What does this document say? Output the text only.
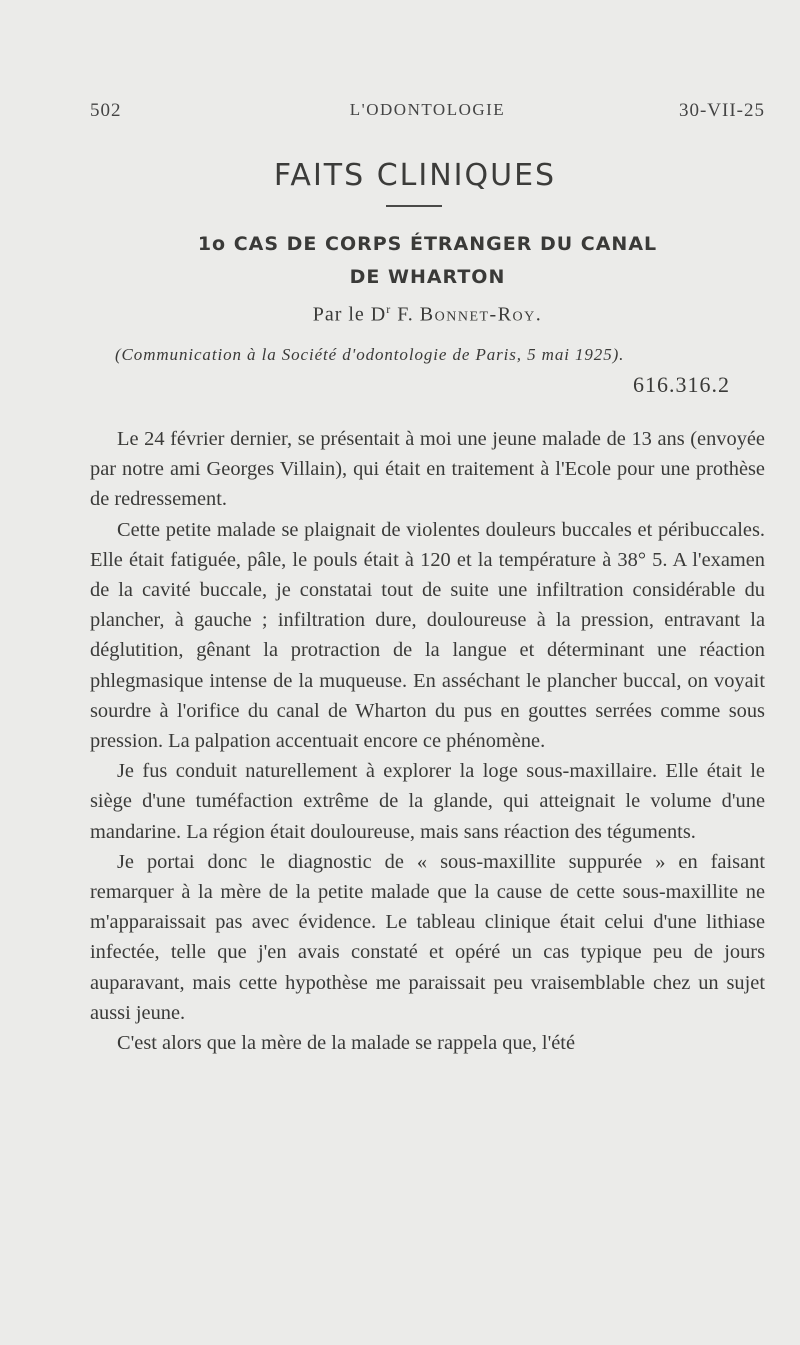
502	L'ODONTOLOGIE	30-VII-25
FAITS CLINIQUES
1o CAS DE CORPS ÉTRANGER DU CANAL
DE WHARTON
Par le $D^r$ F. Bonnet-Roy.
(Communication à la Société d'odontologie de Paris, 5 mai 1925).
616.316.2

Le 24 février dernier, se présentait à moi une jeune malade de 13 ans (envoyée par notre ami Georges Villain), qui était en traitement à l'Ecole pour une prothèse de redressement.

Cette petite malade se plaignait de violentes douleurs buccales et péribuccales. Elle était fatiguée, pâle, le pouls était à 120 et la température à 38° 5. A l'examen de la cavité buccale, je constatai tout de suite une infiltration considérable du plancher, à gauche ; infiltration dure, douloureuse à la pression, entravant la déglutition, gênant la protraction de la langue et déterminant une réaction phlegmasique intense de la muqueuse. En asséchant le plancher buccal, on voyait sourdre à l'orifice du canal de Wharton du pus en gouttes serrées comme sous pression. La palpation accentuait encore ce phénomène.

Je fus conduit naturellement à explorer la loge sous-maxillaire. Elle était le siège d'une tuméfaction extrême de la glande, qui atteignait le volume d'une mandarine. La région était douloureuse, mais sans réaction des téguments.

Je portai donc le diagnostic de « sous-maxillite suppurée » en faisant remarquer à la mère de la petite malade que la cause de cette sous-maxillite ne m'apparaissait pas avec évidence. Le tableau clinique était celui d'une lithiase infectée, telle que j'en avais constaté et opéré un cas typique peu de jours auparavant, mais cette hypothèse me paraissait peu vraisemblable chez un sujet aussi jeune.

C'est alors que la mère de la malade se rappela que, l'été
